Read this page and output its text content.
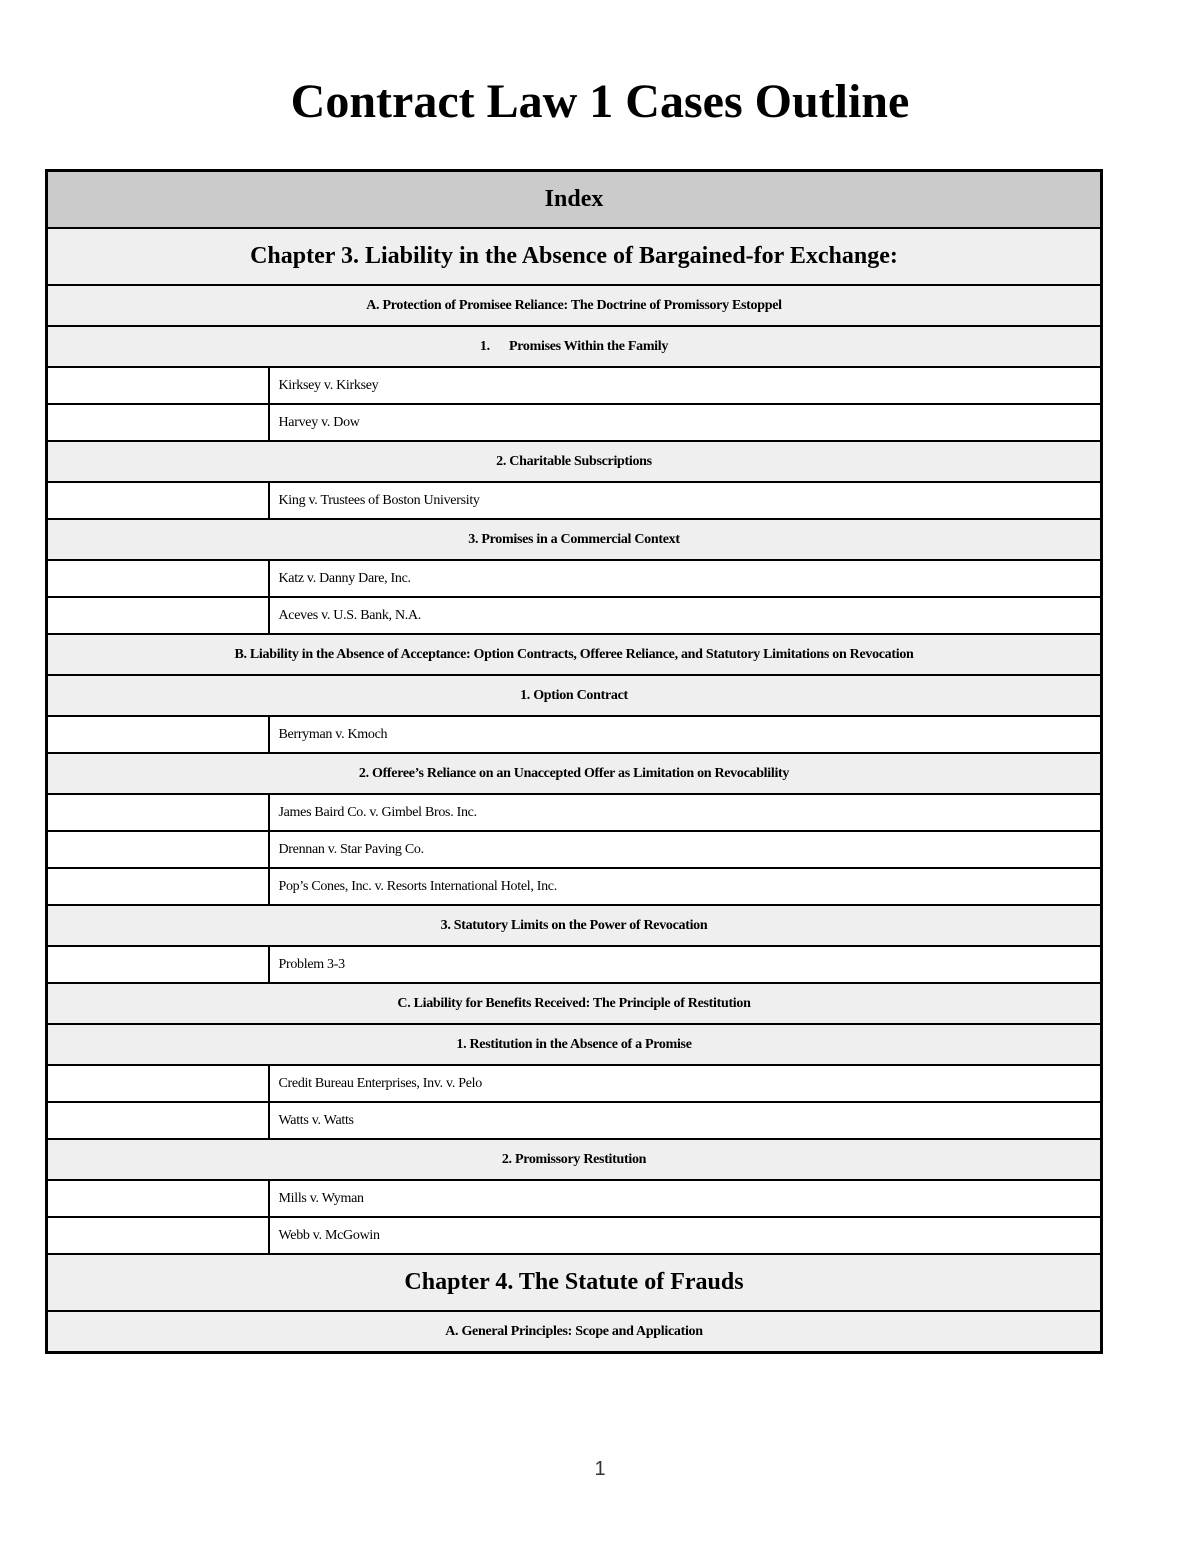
Contract Law 1 Cases Outline
Index	
Chapter 3. Liability in the Absence of Bargained-for Exchange:	
A. Protection of Promisee Reliance: The Doctrine of Promissory Estoppel	
1.      Promises Within the Family	
	Kirksey v. Kirksey
	Harvey v. Dow
2. Charitable Subscriptions	
	King v. Trustees of Boston University
3. Promises in a Commercial Context	
	Katz v. Danny Dare, Inc.
	Aceves v. U.S. Bank, N.A.
B. Liability in the Absence of Acceptance: Option Contracts, Offeree Reliance, and Statutory Limitations on Revocation	
1. Option Contract	
	Berryman v. Kmoch
2. Offeree’s Reliance on an Unaccepted Offer as Limitation on Revocablility	
	James Baird Co. v. Gimbel Bros. Inc.
	Drennan v. Star Paving Co.
	Pop’s Cones, Inc. v. Resorts International Hotel, Inc.
3. Statutory Limits on the Power of Revocation	
	Problem 3-3
C. Liability for Benefits Received: The Principle of Restitution	
1. Restitution in the Absence of a Promise	
	Credit Bureau Enterprises, Inv. v. Pelo
	Watts v. Watts
2. Promissory Restitution	
	Mills v. Wyman
	Webb v. McGowin
Chapter 4. The Statute of Frauds	
A. General Principles: Scope and Application	
1
